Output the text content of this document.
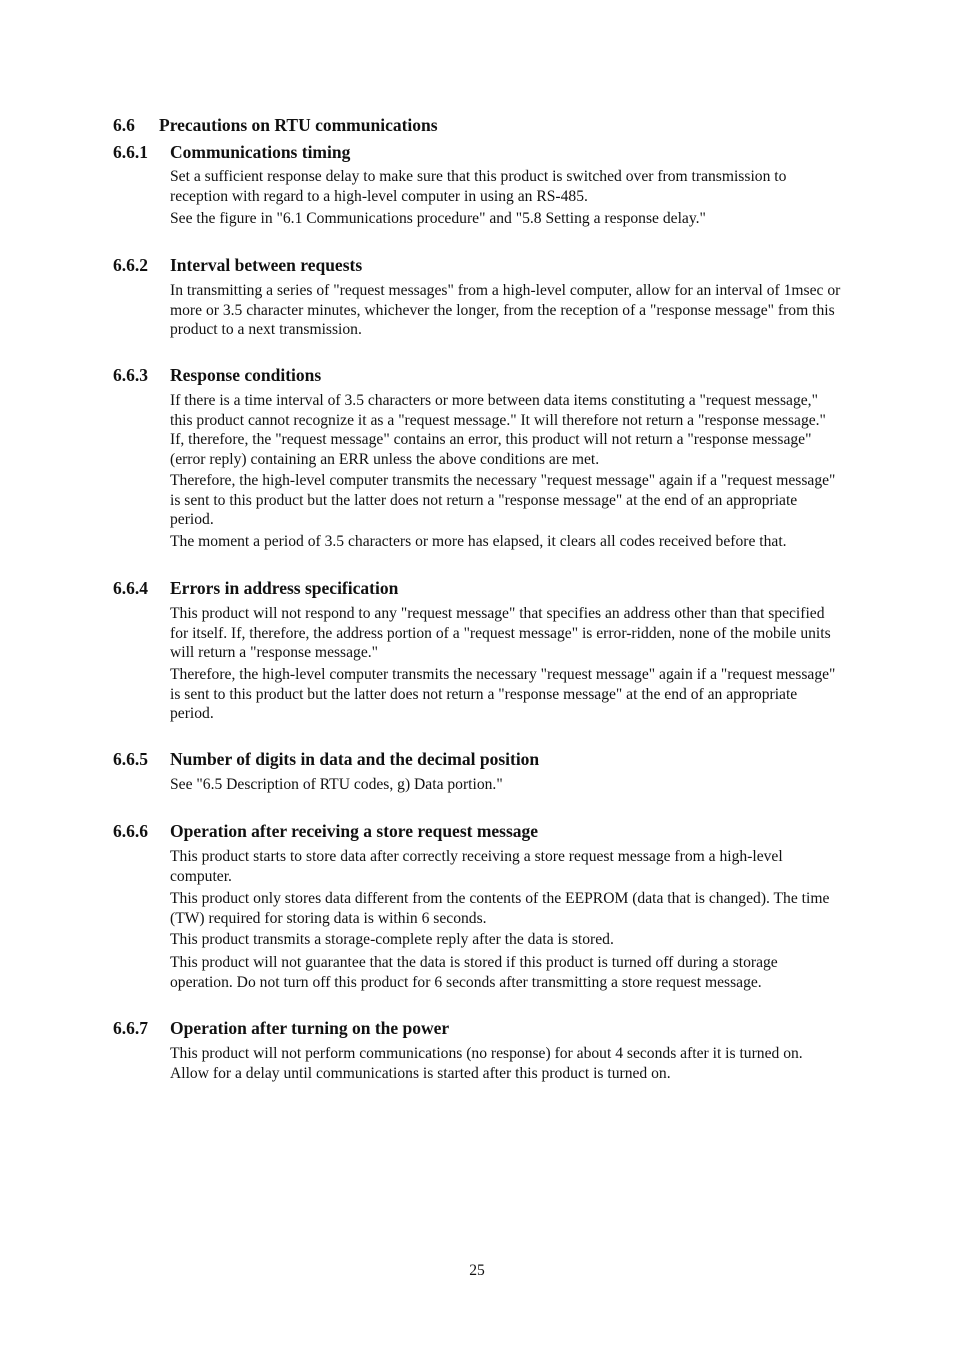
6.6 Precautions on RTU communications
6.6.1 Communications timing
Set a sufficient response delay to make sure that this product is switched over from transmission to reception with regard to a high-level computer in using an RS-485.
See the figure in "6.1 Communications procedure" and "5.8 Setting a response delay."
6.6.2 Interval between requests
In transmitting a series of "request messages" from a high-level computer, allow for an interval of 1msec or more or 3.5 character minutes, whichever the longer, from the reception of a "response message" from this product to a next transmission.
6.6.3 Response conditions
If there is a time interval of 3.5 characters or more between data items constituting a "request message," this product cannot recognize it as a "request message." It will therefore not return a "response message." If, therefore, the "request message" contains an error, this product will not return a "response message" (error reply) containing an ERR unless the above conditions are met.
Therefore, the high-level computer transmits the necessary "request message" again if a "request message" is sent to this product but the latter does not return a "response message" at the end of an appropriate period.
The moment a period of 3.5 characters or more has elapsed, it clears all codes received before that.
6.6.4 Errors in address specification
This product will not respond to any "request message" that specifies an address other than that specified for itself. If, therefore, the address portion of a "request message" is error-ridden, none of the mobile units will return a "response message."
Therefore, the high-level computer transmits the necessary "request message" again if a "request message" is sent to this product but the latter does not return a "response message" at the end of an appropriate period.
6.6.5 Number of digits in data and the decimal position
See "6.5 Description of RTU codes, g) Data portion."
6.6.6 Operation after receiving a store request message
This product starts to store data after correctly receiving a store request message from a high-level computer.
This product only stores data different from the contents of the EEPROM (data that is changed). The time (TW) required for storing data is within 6 seconds.
This product transmits a storage-complete reply after the data is stored.
This product will not guarantee that the data is stored if this product is turned off during a storage operation. Do not turn off this product for 6 seconds after transmitting a store request message.
6.6.7 Operation after turning on the power
This product will not perform communications (no response) for about 4 seconds after it is turned on. Allow for a delay until communications is started after this product is turned on.
25
